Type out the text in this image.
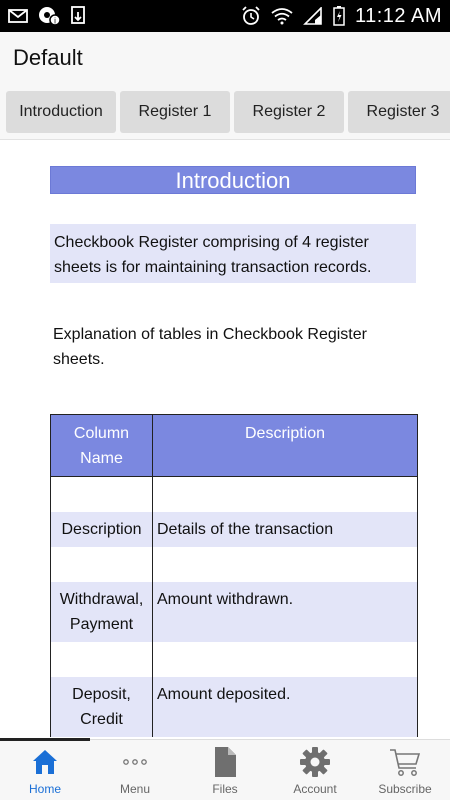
i	11:12 AM
Default
Introduction Register 1	Register 2	Register 3
Introduction
Checkbook Register comprising of 4 register sheets is for maintaining transaction records.
Explanation of tables in Checkbook Register sheets.
Column Name	Description

Description	Details of the transaction

Withdrawal, Payment	Amount withdrawn.

Deposit, Credit	Amount deposited.
Home	Menu	Files	Account	Subscribe
